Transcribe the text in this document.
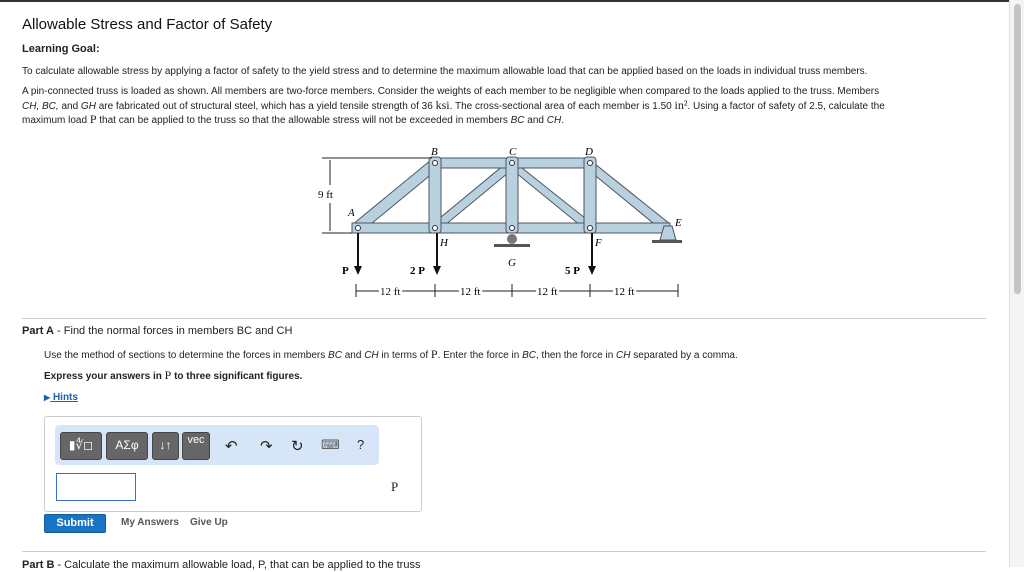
Allowable Stress and Factor of Safety
Learning Goal:
To calculate allowable stress by applying a factor of safety to the yield stress and to determine the maximum allowable load that can be applied based on the loads in individual truss members.
A pin-connected truss is loaded as shown. All members are two-force members. Consider the weights of each member to be negligible when compared to the loads applied to the truss. Members
CH, BC, and GH are fabricated out of structural steel, which has a yield tensile strength of 36 ksi. The cross-sectional area of each member is 1.50 in². Using a factor of safety of 2.5, calculate the
maximum load P that can be applied to the truss so that the allowable stress will not be exceeded in members BC and CH.
B	C	D
A
E
H	F
G
9 ft
P	2 P	5 P
12 ft	12 ft	12 ft	12 ft
Part A - Find the normal forces in members BC and CH
Use the method of sections to determine the forces in members BC and CH in terms of P. Enter the force in BC, then the force in CH separated by a comma.
Express your answers in P to three significant figures.
▶ Hints
▮∜◻	ΑΣφ	↓↑	vec	↶ ↷ ↻ ⌨ ?
P
Submit	My Answers Give Up
Part B - Calculate the maximum allowable load, P, that can be applied to the truss
